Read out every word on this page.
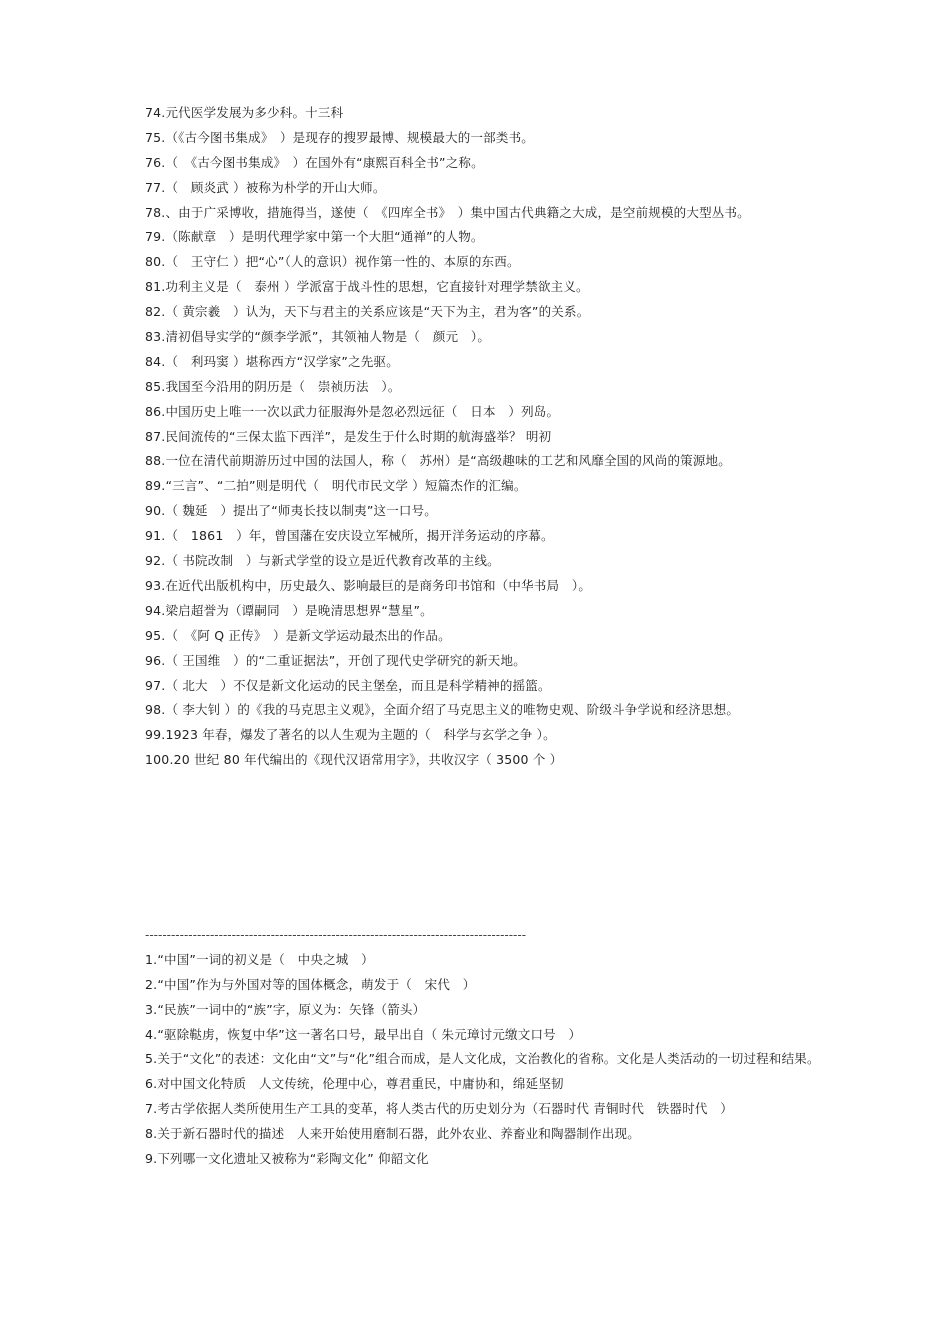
74.元代医学发展为多少科。十三科
75.（《古今图书集成》　）是现存的搜罗最博、规模最大的一部类书。
76.（　《古今图书集成》　）在国外有“康熙百科全书”之称。
77.（　顾炎武 ）被称为朴学的开山大师。
78.、由于广采博收，措施得当，遂使（　《四库全书》　）集中国古代典籍之大成，是空前规模的大型丛书。
79.（陈献章　）是明代理学家中第一个大胆“通禅”的人物。
80.（　王守仁 ）把“心”（人的意识）视作第一性的、本原的东西。
81.功利主义是（　泰州 ）学派富于战斗性的思想，它直接针对理学禁欲主义。
82.（ 黄宗羲　）认为，天下与君主的关系应该是“天下为主，君为客”的关系。
83.清初倡导实学的“颜李学派”，其领袖人物是（　颜元　）。
84.（　利玛窦 ）堪称西方“汉学家”之先驱。
85.我国至今沿用的阴历是（　崇祯历法　）。
86.中国历史上唯一一次以武力征服海外是忽必烈远征（　日本　）列岛。
87.民间流传的“三保太监下西洋”，是发生于什么时期的航海盛举？ 明初
88.一位在清代前期游历过中国的法国人，称（　苏州）是“高级趣味的工艺和风靡全国的风尚的策源地。
89.“三言”、“二拍”则是明代（　明代市民文学 ）短篇杰作的汇编。
90.（ 魏延　）提出了“师夷长技以制夷”这一口号。
91.（　1861　）年，曾国藩在安庆设立军械所，揭开洋务运动的序幕。
92.（ 书院改制　）与新式学堂的设立是近代教育改革的主线。
93.在近代出版机构中，历史最久、影响最巨的是商务印书馆和（中华书局　）。
94.梁启超誉为（谭嗣同　）是晚清思想界“慧星”。
95.（　《阿 Q 正传》　）是新文学运动最杰出的作品。
96.（ 王国维　）的“二重证据法”，开创了现代史学研究的新天地。
97.（ 北大　）不仅是新文化运动的民主堡垒，而且是科学精神的摇篮。
98.（ 李大钊 ）的《我的马克思主义观》，全面介绍了马克思主义的唯物史观、阶级斗争学说和经济思想。
99.1923 年春，爆发了著名的以人生观为主题的（　科学与玄学之争 ）。
100.20 世纪 80 年代编出的《现代汉语常用字》，共收汉字（ 3500 个 ）
----------------------------------------------------------------------------------------
1.“中国”一词的初义是（　中央之城　）
2.“中国”作为与外国对等的国体概念，萌发于（　宋代　）
3.“民族”一词中的“族”字，原义为：矢锋（箭头）
4.“驱除鞑虏，恢复中华”这一著名口号，最早出自（ 朱元璋讨元缴文口号　）
5.关于“文化”的表述：文化由“文”与“化”组合而成，是人文化成，文治教化的省称。文化是人类活动的一切过程和结果。
6.对中国文化特质　人文传统，伦理中心，尊君重民，中庸协和，绵延坚韧
7.考古学依据人类所使用生产工具的变革，将人类古代的历史划分为（石器时代 青铜时代　铁器时代　）
8.关于新石器时代的描述　人来开始使用磨制石器，此外农业、养畜业和陶器制作出现。
9.下列哪一文化遗址又被称为“彩陶文化” 仰韶文化
